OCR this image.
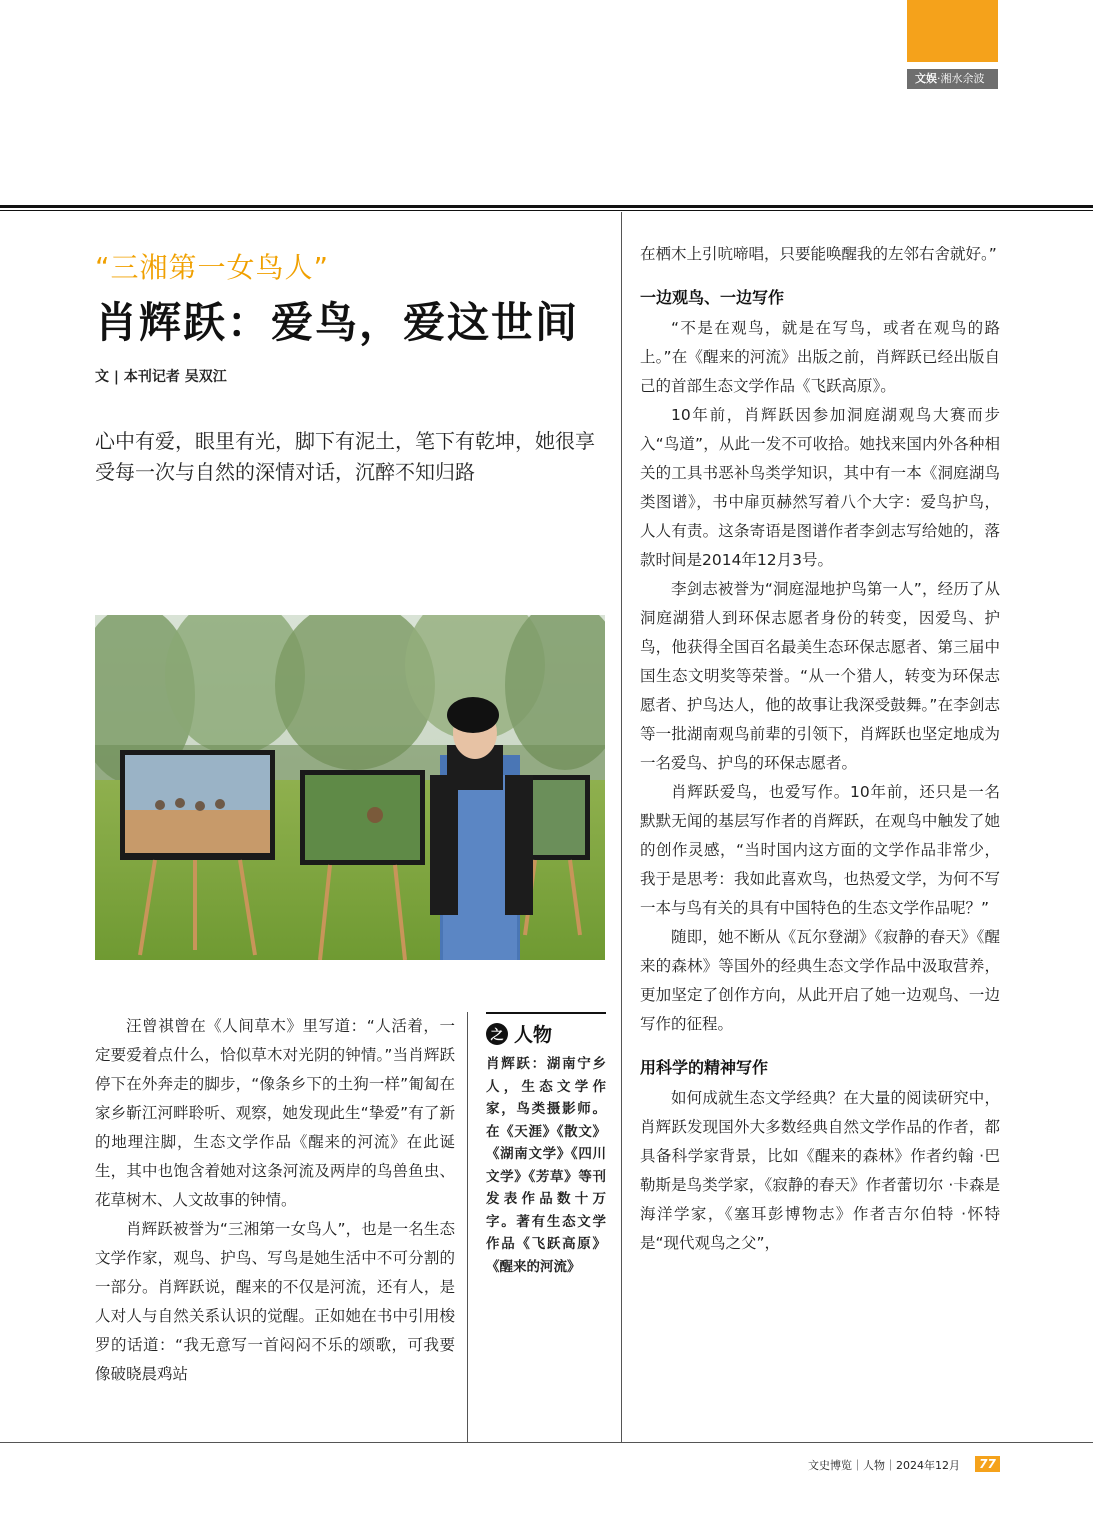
文娱·湘水余波
“三湘第一女鸟人”
肖辉跃：爱鸟，爱这世间
文 | 本刊记者 吴双江
心中有爱，眼里有光，脚下有泥土，笔下有乾坤，她很享受每一次与自然的深情对话，沉醉不知归路

汪曾祺曾在《人间草木》里写道：“人活着，一定要爱着点什么，恰似草木对光阴的钟情。”当肖辉跃停下在外奔走的脚步，“像条乡下的土狗一样”匍匐在家乡靳江河畔聆听、观察，她发现此生“挚爱”有了新的地理注脚，生态文学作品《醒来的河流》在此诞生，其中也饱含着她对这条河流及两岸的鸟兽鱼虫、花草树木、人文故事的钟情。

肖辉跃被誉为“三湘第一女鸟人”，也是一名生态文学作家，观鸟、护鸟、写鸟是她生活中不可分割的一部分。肖辉跃说，醒来的不仅是河流，还有人，是人对人与自然关系认识的觉醒。正如她在书中引用梭罗的话道：“我无意写一首闷闷不乐的颂歌，可我要像破晓晨鸡站

之 人物
肖辉跃：湖南宁乡人，生态文学作家，鸟类摄影师。在《天涯》《散文》《湖南文学》《四川文学》《芳草》等刊发表作品数十万字。著有生态文学作品《飞跃高原》《醒来的河流》

在栖木上引吭啼唱，只要能唤醒我的左邻右舍就好。”

一边观鸟、一边写作

“不是在观鸟，就是在写鸟，或者在观鸟的路上。”在《醒来的河流》出版之前，肖辉跃已经出版自己的首部生态文学作品《飞跃高原》。

10年前，肖辉跃因参加洞庭湖观鸟大赛而步入“鸟道”，从此一发不可收拾。她找来国内外各种相关的工具书恶补鸟类学知识，其中有一本《洞庭湖鸟类图谱》，书中扉页赫然写着八个大字：爱鸟护鸟，人人有责。这条寄语是图谱作者李剑志写给她的，落款时间是2014年12月3号。

李剑志被誉为“洞庭湿地护鸟第一人”，经历了从洞庭湖猎人到环保志愿者身份的转变，因爱鸟、护鸟，他获得全国百名最美生态环保志愿者、第三届中国生态文明奖等荣誉。“从一个猎人，转变为环保志愿者、护鸟达人，他的故事让我深受鼓舞。”在李剑志等一批湖南观鸟前辈的引领下，肖辉跃也坚定地成为一名爱鸟、护鸟的环保志愿者。

肖辉跃爱鸟，也爱写作。10年前，还只是一名默默无闻的基层写作者的肖辉跃，在观鸟中触发了她的创作灵感，“当时国内这方面的文学作品非常少，我于是思考：我如此喜欢鸟，也热爱文学，为何不写一本与鸟有关的具有中国特色的生态文学作品呢？”

随即，她不断从《瓦尔登湖》《寂静的春天》《醒来的森林》等国外的经典生态文学作品中汲取营养，更加坚定了创作方向，从此开启了她一边观鸟、一边写作的征程。

用科学的精神写作

如何成就生态文学经典？在大量的阅读研究中，肖辉跃发现国外大多数经典自然文学作品的作者，都具备科学家背景，比如《醒来的森林》作者约翰 ·巴勒斯是鸟类学家，《寂静的春天》作者蕾切尔 ·卡森是海洋学家，《塞耳彭博物志》作者吉尔伯特 ·怀特是“现代观鸟之父”，

文史博览｜人物｜2024年12月	77
